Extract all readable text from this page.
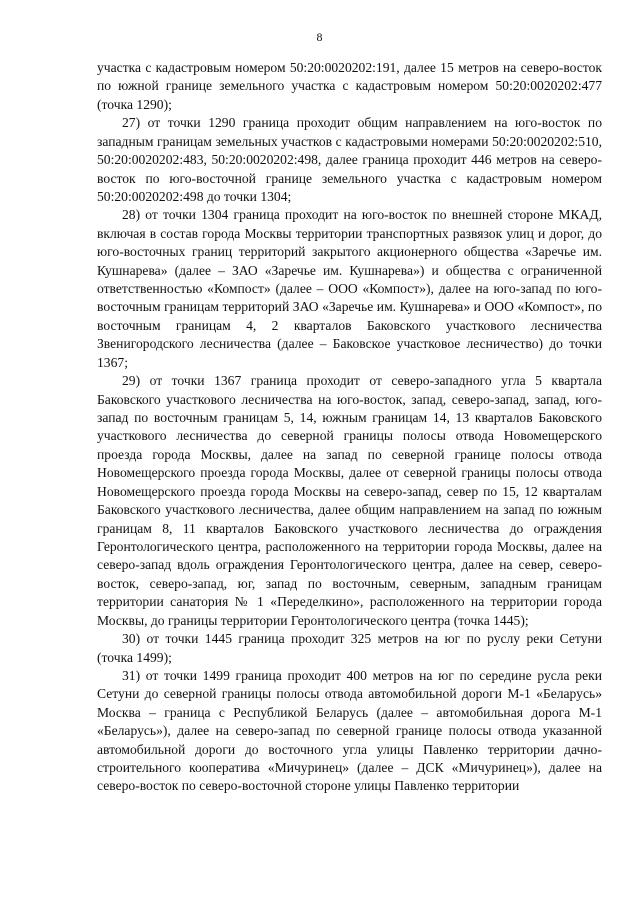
8

участка с кадастровым номером 50:20:0020202:191, далее 15 метров на северо-восток по южной границе земельного участка с кадастровым номером 50:20:0020202:477 (точка 1290);

27) от точки 1290 граница проходит общим направлением на юго-восток по западным границам земельных участков с кадастровыми номерами 50:20:0020202:510, 50:20:0020202:483, 50:20:0020202:498, далее граница проходит 446 метров на северо-восток по юго-восточной границе земельного участка с кадастровым номером 50:20:0020202:498 до точки 1304;

28) от точки 1304 граница проходит на юго-восток по внешней стороне МКАД, включая в состав города Москвы территории транспортных развязок улиц и дорог, до юго-восточных границ территорий закрытого акционерного общества «Заречье им. Кушнарева» (далее – ЗАО «Заречье им. Кушнарева») и общества с ограниченной ответственностью «Компост» (далее – ООО «Компост»), далее на юго-запад по юго-восточным границам территорий ЗАО «Заречье им. Кушнарева» и ООО «Компост», по восточным границам 4, 2 кварталов Баковского участкового лесничества Звенигородского лесничества (далее – Баковское участковое лесничество) до точки 1367;

29) от точки 1367 граница проходит от северо-западного угла 5 квартала Баковского участкового лесничества на юго-восток, запад, северо-запад, запад, юго-запад по восточным границам 5, 14, южным границам 14, 13 кварталов Баковского участкового лесничества до северной границы полосы отвода Новомещерского проезда города Москвы, далее на запад по северной границе полосы отвода Новомещерского проезда города Москвы, далее от северной границы полосы отвода Новомещерского проезда города Москвы на северо-запад, север по 15, 12 кварталам Баковского участкового лесничества, далее общим направлением на запад по южным границам 8, 11 кварталов Баковского участкового лесничества до ограждения Геронтологического центра, расположенного на территории города Москвы, далее на северо-запад вдоль ограждения Геронтологического центра, далее на север, северо-восток, северо-запад, юг, запад по восточным, северным, западным границам территории санатория № 1 «Переделкино», расположенного на территории города Москвы, до границы территории Геронтологического центра (точка 1445);

30) от точки 1445 граница проходит 325 метров на юг по руслу реки Сетуни (точка 1499);

31) от точки 1499 граница проходит 400 метров на юг по середине русла реки Сетуни до северной границы полосы отвода автомобильной дороги М-1 «Беларусь» Москва – граница с Республикой Беларусь (далее – автомобильная дорога М-1 «Беларусь»), далее на северо-запад по северной границе полосы отвода указанной автомобильной дороги до восточного угла улицы Павленко территории дачно-строительного кооператива «Мичуринец» (далее – ДСК «Мичуринец»), далее на северо-восток по северо-восточной стороне улицы Павленко территории
